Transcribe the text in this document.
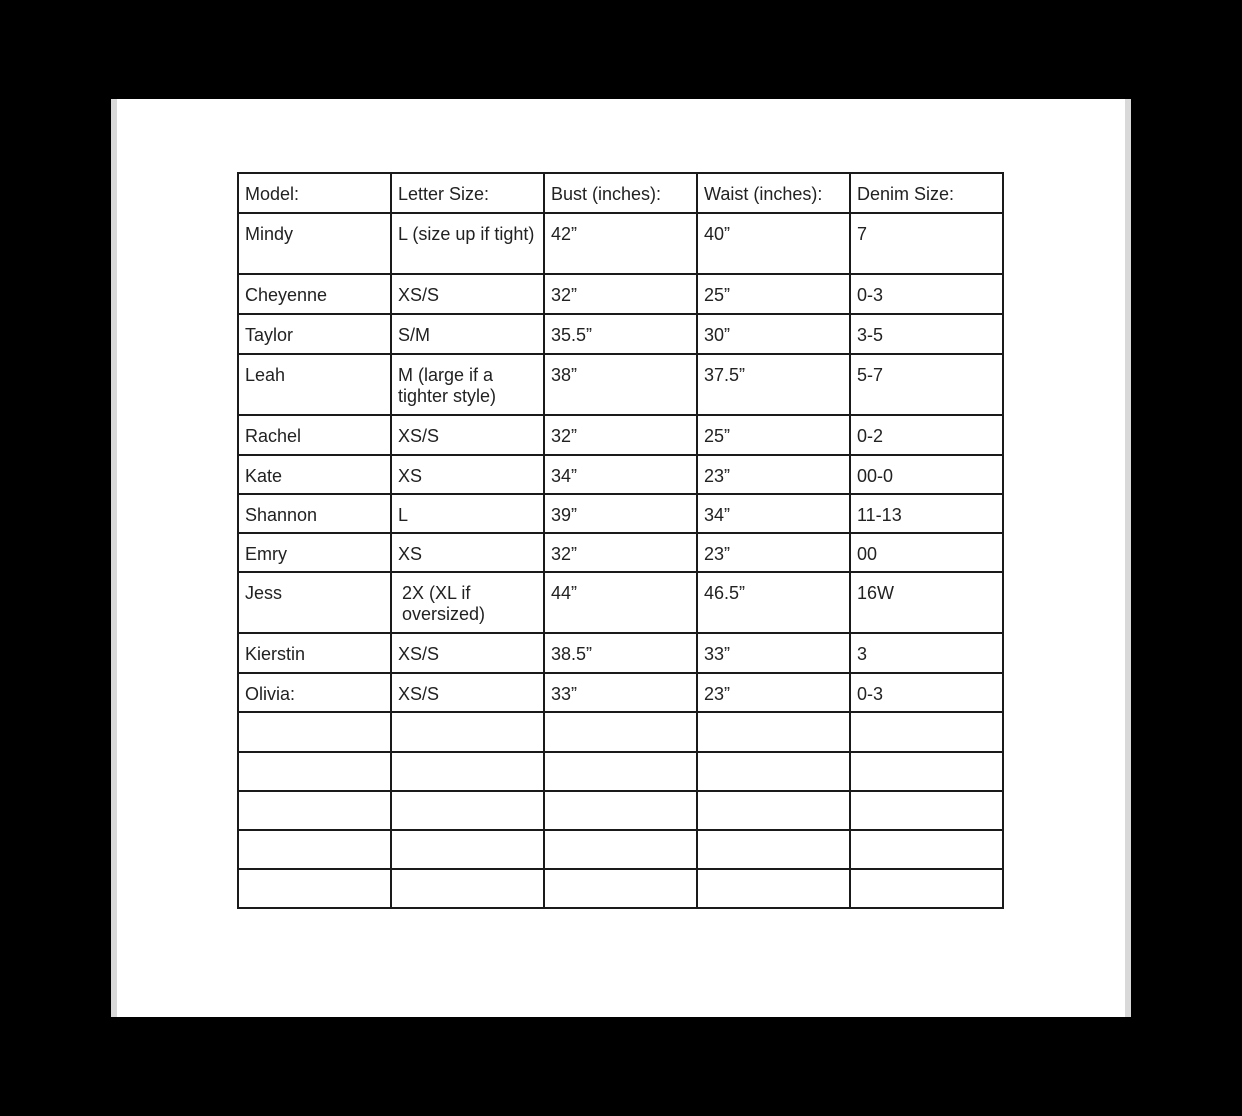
Model:	Letter Size:	Bust (inches):	Waist (inches):	Denim Size:
Mindy	L (size up if tight)	42”	40”	7
Cheyenne	XS/S	32”	25”	0-3
Taylor	S/M	35.5”	30”	3-5
Leah	M (large if a tighter style)	38”	37.5”	5-7
Rachel	XS/S	32”	25”	0-2
Kate	XS	34”	23”	00-0
Shannon	L	39”	34”	11-13
Emry	XS	32”	23”	00
Jess	2X (XL if oversized)	44”	46.5”	16W
Kierstin	XS/S	38.5”	33”	3
Olivia:	XS/S	33”	23”	0-3
